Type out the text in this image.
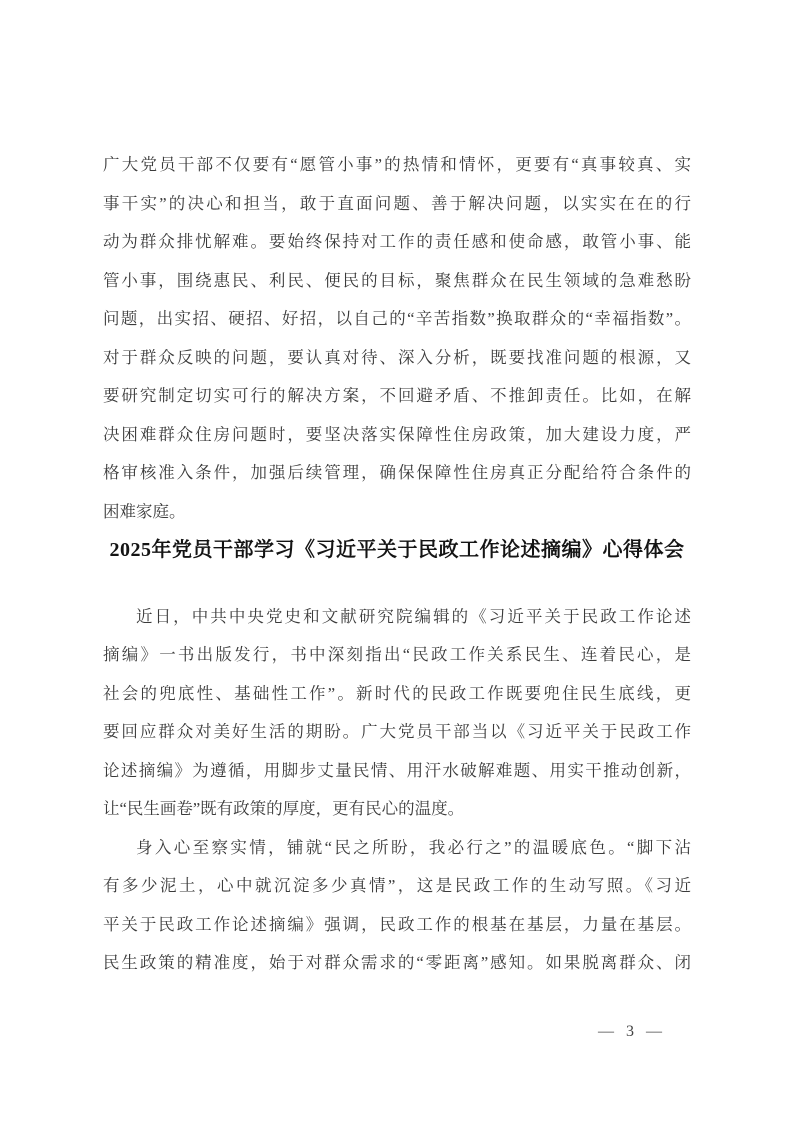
广大党员干部不仅要有“愿管小事”的热情和情怀，更要有“真事较真、实
事干实”的决心和担当，敢于直面问题、善于解决问题，以实实在在的行
动为群众排忧解难。要始终保持对工作的责任感和使命感，敢管小事、能
管小事，围绕惠民、利民、便民的目标，聚焦群众在民生领域的急难愁盼
问题，出实招、硬招、好招，以自己的“辛苦指数”换取群众的“幸福指数”。
对于群众反映的问题，要认真对待、深入分析，既要找准问题的根源，又
要研究制定切实可行的解决方案，不回避矛盾、不推卸责任。比如，在解
决困难群众住房问题时，要坚决落实保障性住房政策，加大建设力度，严
格审核准入条件，加强后续管理，确保保障性住房真正分配给符合条件的
困难家庭。
2025年党员干部学习《习近平关于民政工作论述摘编》心得体会
近日，中共中央党史和文献研究院编辑的《习近平关于民政工作论述
摘编》一书出版发行，书中深刻指出“民政工作关系民生、连着民心，是
社会的兜底性、基础性工作”。新时代的民政工作既要兜住民生底线，更
要回应群众对美好生活的期盼。广大党员干部当以《习近平关于民政工作
论述摘编》为遵循，用脚步丈量民情、用汗水破解难题、用实干推动创新，
让“民生画卷”既有政策的厚度，更有民心的温度。
身入心至察实情，铺就“民之所盼，我必行之”的温暖底色。“脚下沾
有多少泥土，心中就沉淀多少真情”，这是民政工作的生动写照。《习近
平关于民政工作论述摘编》强调，民政工作的根基在基层，力量在基层。
民生政策的精准度，始于对群众需求的“零距离”感知。如果脱离群众、闭
— 3 —
